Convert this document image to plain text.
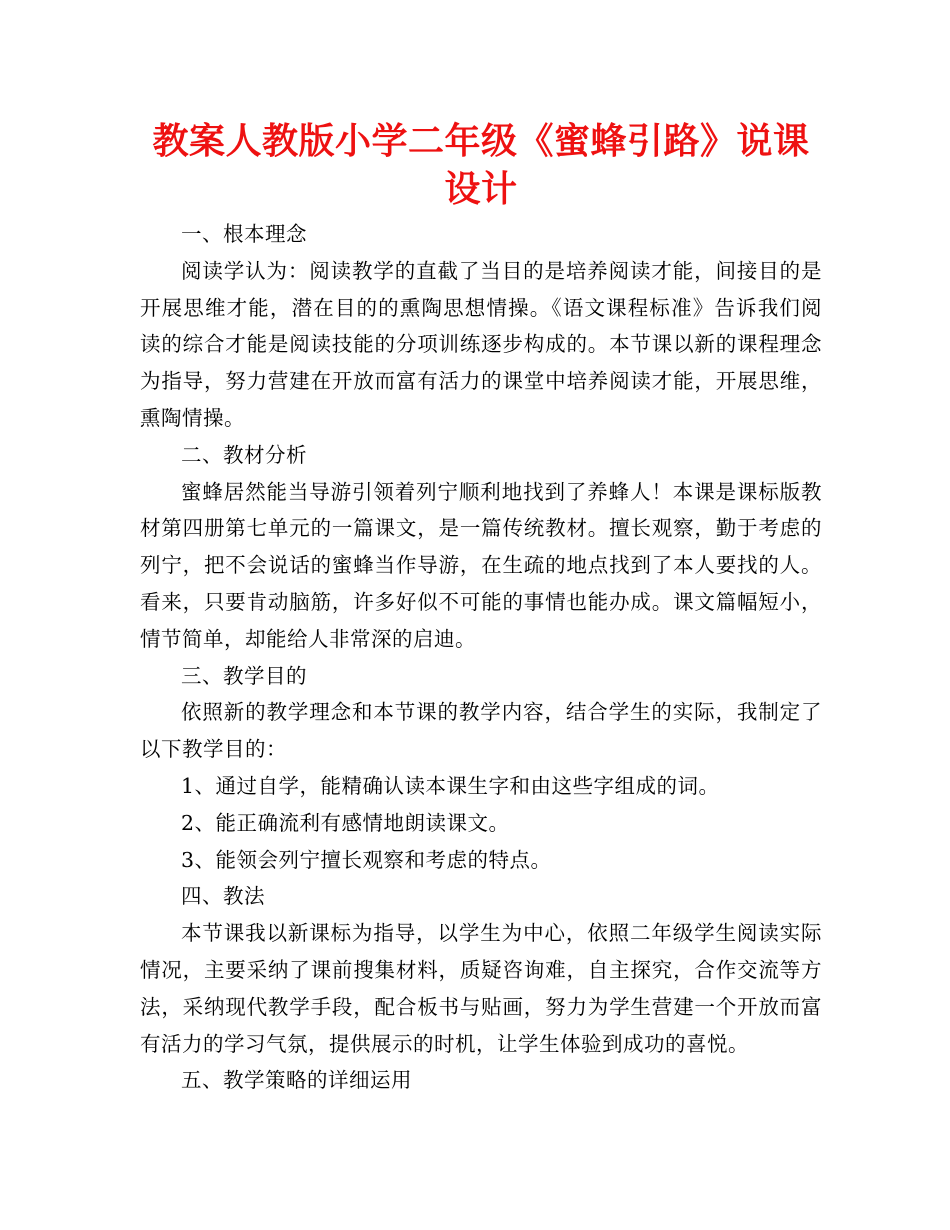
教案人教版小学二年级《蜜蜂引路》说课设计

一、根本理念

阅读学认为：阅读教学的直截了当目的是培养阅读才能，间接目的是开展思维才能，潜在目的的熏陶思想情操。《语文课程标准》告诉我们阅读的综合才能是阅读技能的分项训练逐步构成的。本节课以新的课程理念为指导，努力营建在开放而富有活力的课堂中培养阅读才能，开展思维，熏陶情操。

二、教材分析

蜜蜂居然能当导游引领着列宁顺利地找到了养蜂人！本课是课标版教材第四册第七单元的一篇课文，是一篇传统教材。擅长观察，勤于考虑的列宁，把不会说话的蜜蜂当作导游，在生疏的地点找到了本人要找的人。看来，只要肯动脑筋，许多好似不可能的事情也能办成。课文篇幅短小，情节简单，却能给人非常深的启迪。

三、教学目的

依照新的教学理念和本节课的教学内容，结合学生的实际，我制定了以下教学目的：

1、通过自学，能精确认读本课生字和由这些字组成的词。

2、能正确流利有感情地朗读课文。

3、能领会列宁擅长观察和考虑的特点。

四、教法

本节课我以新课标为指导，以学生为中心，依照二年级学生阅读实际情况，主要采纳了课前搜集材料，质疑咨询难，自主探究，合作交流等方法，采纳现代教学手段，配合板书与贴画，努力为学生营建一个开放而富有活力的学习气氛，提供展示的时机，让学生体验到成功的喜悦。

五、教学策略的详细运用
